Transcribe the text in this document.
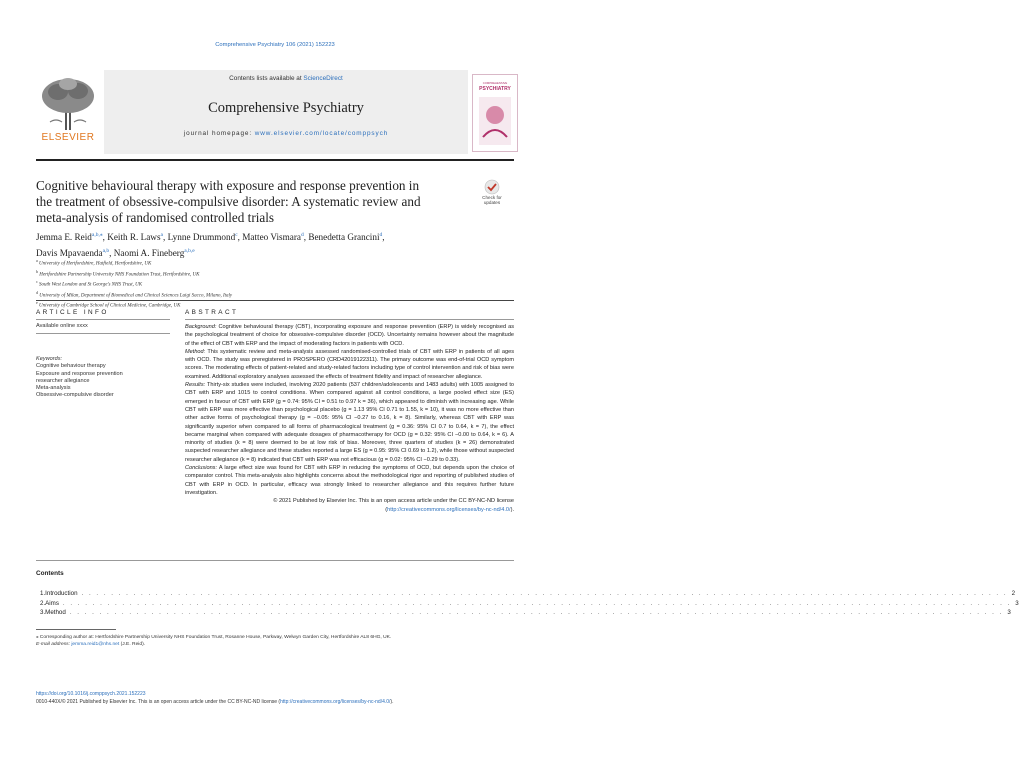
Comprehensive Psychiatry 106 (2021) 152223
ELSEVIER
Contents lists available at ScienceDirect
Comprehensive Psychiatry
journal homepage: www.elsevier.com/locate/comppsych
COMPREHENSIVE
PSYCHIATRY
Cognitive behavioural therapy with exposure and response prevention in the treatment of obsessive-compulsive disorder: A systematic review and meta-analysis of randomised controlled trials
Check for
updates
Jemma E. Reid$^{a,b,⁎}$, Keith R. Laws$^a$, Lynne Drummond$^c$, Matteo Vismara$^d$, Benedetta Grancini$^d$,
Davis Mpavaenda$^{a,b}$, Naomi A. Fineberg$^{a,b,e}$
$^a$ University of Hertfordshire, Hatfield, Hertfordshire, UK
$^b$ Hertfordshire Partnership University NHS Foundation Trust, Hertfordshire, UK
$^c$ South West London and St George's NHS Trust, UK
$^d$ University of Milan, Department of Biomedical and Clinical Sciences Luigi Sacco, Milano, Italy
$^e$ University of Cambridge School of Clinical Medicine, Cambridge, UK
ARTICLE INFO	ABSTRACT
Available online xxxx
Keywords:
Cognitive behaviour therapy
Exposure and response prevention
researcher allegiance
Meta-analysis
Obsessive-compulsive disorder

Background: Cognitive behavioural therapy (CBT), incorporating exposure and response prevention (ERP) is widely recognised as the psychological treatment of choice for obsessive-compulsive disorder (OCD). Uncertainty remains however about the magnitude of the effect of CBT with ERP and the impact of moderating factors in patients with OCD.

Method: This systematic review and meta-analysis assessed randomised-controlled trials of CBT with ERP in patients of all ages with OCD. The study was preregistered in PROSPERO (CRD42019122311). The primary outcome was end-of-trial OCD symptom scores. The moderating effects of patient-related and study-related factors including type of control intervention and risk of bias were examined. Additional exploratory analyses assessed the effects of treatment fidelity and impact of researcher allegiance.

Results: Thirty-six studies were included, involving 2020 patients (537 children/adolescents and 1483 adults) with 1005 assigned to CBT with ERP and 1015 to control conditions. When compared against all control conditions, a large pooled effect size (ES) emerged in favour of CBT with ERP (g = 0.74: 95% CI = 0.51 to 0.97 k = 36), which appeared to diminish with increasing age. While CBT with ERP was more effective than psychological placebo (g = 1.13 95% CI 0.71 to 1.55, k = 10), it was no more effective than other active forms of psychological therapy (g = −0.05: 95% CI −0.27 to 0.16, k = 8). Similarly, whereas CBT with ERP was significantly superior when compared to all forms of pharmacological treatment (g = 0.36: 95% CI 0.7 to 0.64, k = 7), the effect became marginal when compared with adequate dosages of pharmacotherapy for OCD (g = 0.32: 95% CI −0.00 to 0.64, k = 6). A minority of studies (k = 8) were deemed to be at low risk of bias. Moreover, three quarters of studies (k = 26) demonstrated suspected researcher allegiance and these studies reported a large ES (g = 0.95: 95% CI 0.69 to 1.2), while those without suspected researcher allegiance (k = 8) indicated that CBT with ERP was not efficacious (g = 0.02: 95% CI −0.29 to 0.33).

Conclusions: A large effect size was found for CBT with ERP in reducing the symptoms of OCD, but depends upon the choice of comparator control. This meta-analysis also highlights concerns about the methodological rigor and reporting of published studies of CBT with ERP in OCD. In particular, efficacy was strongly linked to researcher allegiance and this requires further future investigation.

© 2021 Published by Elsevier Inc. This is an open access article under the CC BY-NC-ND license (http://creativecommons.org/licenses/by-nc-nd/4.0/).

Contents
1. Introduction . . . . . . . . . . . . . . . . . . . . . . . . . . . . . . . . . . . . . . . . . . . . . . . . . . . . . . . . . . . . . . . . . . . . . . . . . . . . . . . . . . . . . . . . . . . . . . . . . . . . . . . . . . . . . . . . . . . . . . . . . . . . . 2
2. Aims . . . . . . . . . . . . . . . . . . . . . . . . . . . . . . . . . . . . . . . . . . . . . . . . . . . . . . . . . . . . . . . . . . . . . . . . . . . . . . . . . . . . . . . . . . . . . . . . . . . . . . . . . . . . . . . . . . . . . . . . . . . . . . . . 3
3. Method . . . . . . . . . . . . . . . . . . . . . . . . . . . . . . . . . . . . . . . . . . . . . . . . . . . . . . . . . . . . . . . . . . . . . . . . . . . . . . . . . . . . . . . . . . . . . . . . . . . . . . . . . . . . . . . . . . . . . . . . . . . . . . 3
⁎ Corresponding author at: Hertfordshire Partnership University NHS Foundation Trust, Rosanne House, Parkway, Welwyn Garden City, Hertfordshire AL8 6HG, UK.
E-mail address: jemma.reid1@nhs.net (J.E. Reid).
https://doi.org/10.1016/j.comppsych.2021.152223
0010-440X/© 2021 Published by Elsevier Inc. This is an open access article under the CC BY-NC-ND license (http://creativecommons.org/licenses/by-nc-nd/4.0/).
